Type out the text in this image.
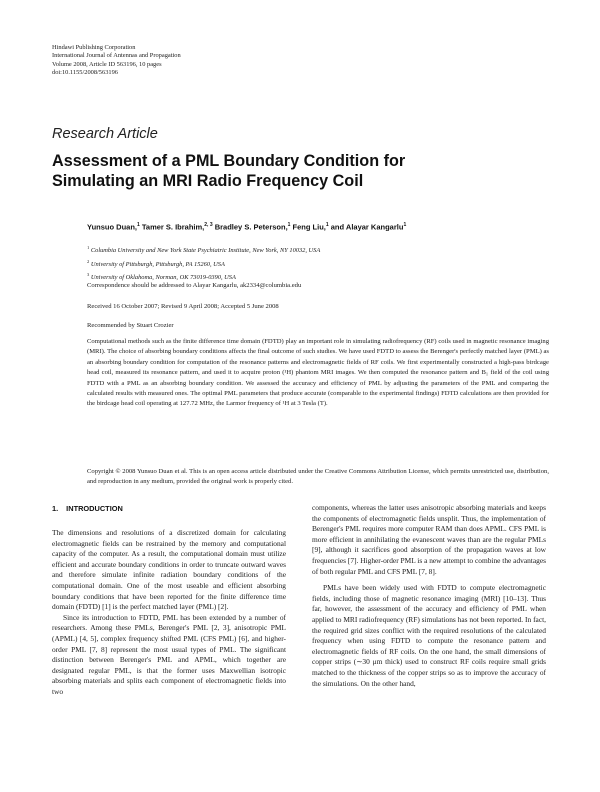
Hindawi Publishing Corporation
International Journal of Antennas and Propagation
Volume 2008, Article ID 563196, 10 pages
doi:10.1155/2008/563196
Research Article
Assessment of a PML Boundary Condition for
Simulating an MRI Radio Frequency Coil
Yunsuo Duan,$^1$ Tamer S. Ibrahim,$^{2, 3}$ Bradley S. Peterson,$^1$ Feng Liu,$^1$ and Alayar Kangarlu$^1$
$^1$ Columbia University and New York State Psychiatric Institute, New York, NY 10032, USA
$^2$ University of Pittsburgh, Pittsburgh, PA 15260, USA
$^3$ University of Oklahoma, Norman, OK 73019-0390, USA
Correspondence should be addressed to Alayar Kangarlu, ak2334@columbia.edu
Received 16 October 2007; Revised 9 April 2008; Accepted 5 June 2008
Recommended by Stuart Crozier
Computational methods such as the finite difference time domain (FDTD) play an important role in simulating radiofrequency (RF) coils used in magnetic resonance imaging (MRI). The choice of absorbing boundary conditions affects the final outcome of such studies. We have used FDTD to assess the Berenger's perfectly matched layer (PML) as an absorbing boundary condition for computation of the resonance patterns and electromagnetic fields of RF coils. We first experimentally constructed a high-pass birdcage head coil, measured its resonance pattern, and used it to acquire proton (¹H) phantom MRI images. We then computed the resonance pattern and B₁ field of the coil using FDTD with a PML as an absorbing boundary condition. We assessed the accuracy and efficiency of PML by adjusting the parameters of the PML and comparing the calculated results with measured ones. The optimal PML parameters that produce accurate (comparable to the experimental findings) FDTD calculations are then provided for the birdcage head coil operating at 127.72 MHz, the Larmor frequency of ¹H at 3 Tesla (T).
Copyright © 2008 Yunsuo Duan et al. This is an open access article distributed under the Creative Commons Attribution License, which permits unrestricted use, distribution, and reproduction in any medium, provided the original work is properly cited.
1. INTRODUCTION

The dimensions and resolutions of a discretized domain for calculating electromagnetic fields can be restrained by the memory and computational capacity of the computer. As a result, the computational domain must utilize efficient and accurate boundary conditions in order to truncate outward waves and therefore simulate infinite radiation boundary conditions of the computational domain. One of the most useable and efficient absorbing boundary conditions that have been reported for the finite difference time domain (FDTD) [1] is the perfect matched layer (PML) [2].

Since its introduction to FDTD, PML has been extended by a number of researchers. Among these PMLs, Berenger's PML [2, 3], anisotropic PML (APML) [4, 5], complex frequency shifted PML (CFS PML) [6], and higher-order PML [7, 8] represent the most usual types of PML. The significant distinction between Berenger's PML and APML, which together are designated regular PML, is that the former uses Maxwellian isotropic absorbing materials and splits each component of electromagnetic fields into two

components, whereas the latter uses anisotropic absorbing materials and keeps the components of electromagnetic fields unsplit. Thus, the implementation of Berenger's PML requires more computer RAM than does APML. CFS PML is more efficient in annihilating the evanescent waves than are the regular PMLs [9], although it sacrifices good absorption of the propagation waves at low frequencies [7]. Higher-order PML is a new attempt to combine the advantages of both regular PML and CFS PML [7, 8].

PMLs have been widely used with FDTD to compute electromagnetic fields, including those of magnetic resonance imaging (MRI) [10–13]. Thus far, however, the assessment of the accuracy and efficiency of PML when applied to MRI radiofrequency (RF) simulations has not been reported. In fact, the required grid sizes conflict with the required resolutions of the calculated frequency when using FDTD to compute the resonance pattern and electromagnetic fields of RF coils. On the one hand, the small dimensions of copper strips (∼30 μm thick) used to construct RF coils require small grids matched to the thickness of the copper strips so as to improve the accuracy of the simulations. On the other hand,
